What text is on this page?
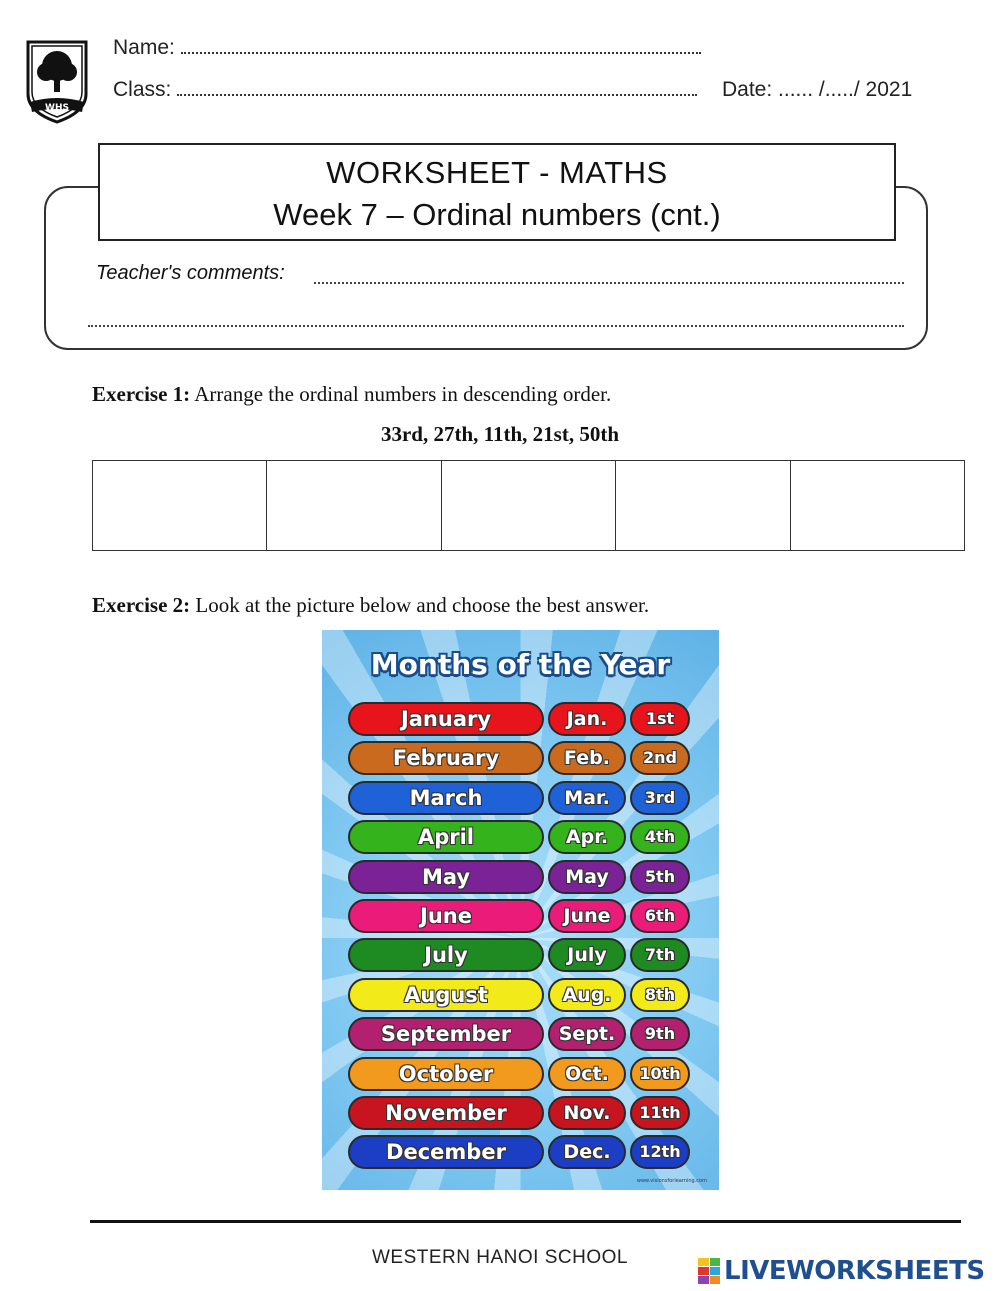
WHS
Name:
Class:	Date: ...... /...../ 2021
WORKSHEET - MATHS
Week 7 – Ordinal numbers (cnt.)
Teacher's comments:
Exercise 1: Arrange the ordinal numbers in descending order.
33rd, 27th, 11th, 21st, 50th
Exercise 2: Look at the picture below and choose the best answer.
Months of the Year
www.visionsforlearning.com
January	Jan.	1st
February	Feb.	2nd
March	Mar.	3rd
April	Apr.	4th
May	May	5th
June	June	6th
July	July	7th
August	Aug.	8th
September	Sept.	9th
October	Oct.	10th
November	Nov.	11th
December	Dec.	12th
WESTERN HANOI SCHOOL	LIVEWORKSHEETS
